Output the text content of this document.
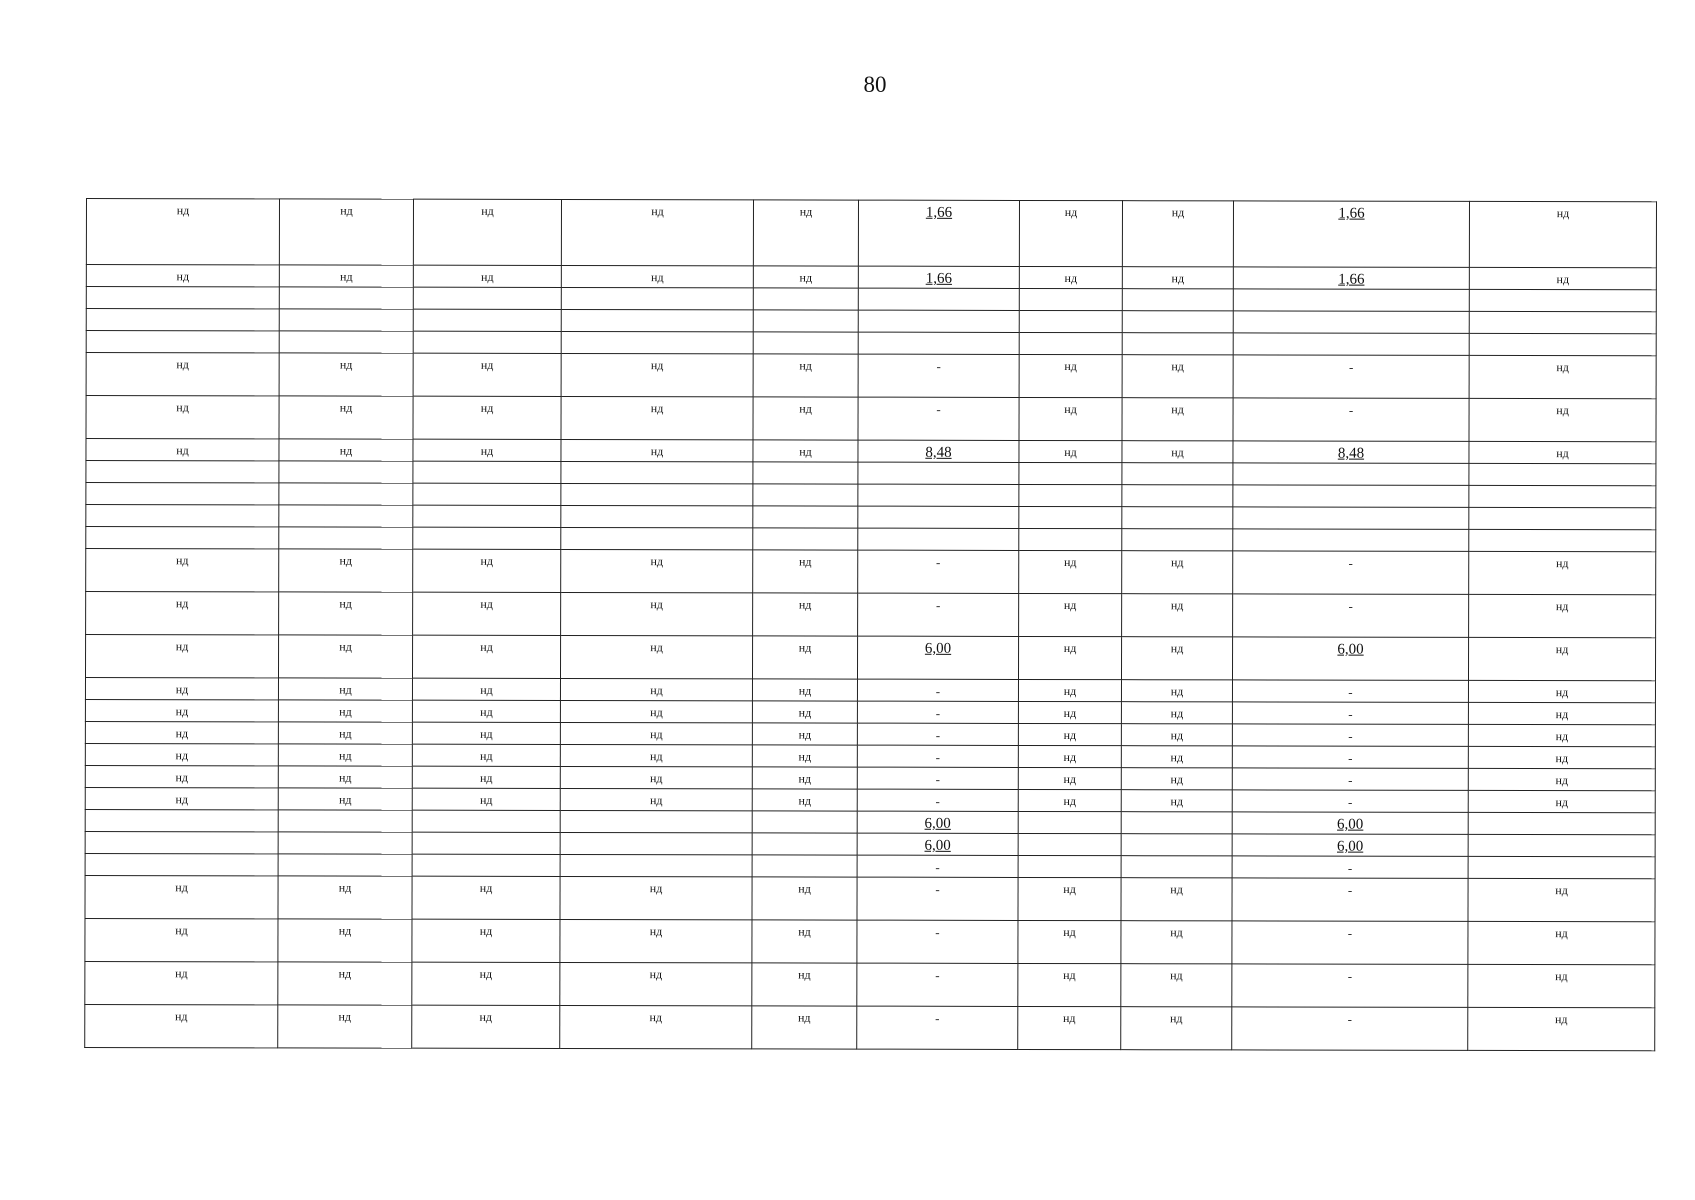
80
нд	нд	нд	нд	нд	1,66	нд	нд	1,66	нд

нд	нд	нд	нд	нд	1,66	нд	нд	1,66	нд

нд	нд	нд	нд	нд	-	нд	нд	-	нд

нд	нд	нд	нд	нд	-	нд	нд	-	нд

нд	нд	нд	нд	нд	8,48	нд	нд	8,48	нд

нд	нд	нд	нд	нд	-	нд	нд	-	нд

нд	нд	нд	нд	нд	-	нд	нд	-	нд

нд	нд	нд	нд	нд	6,00	нд	нд	6,00	нд

нд	нд	нд	нд	нд	-	нд	нд	-	нд

нд	нд	нд	нд	нд	-	нд	нд	-	нд

нд	нд	нд	нд	нд	-	нд	нд	-	нд

нд	нд	нд	нд	нд	-	нд	нд	-	нд

нд	нд	нд	нд	нд	-	нд	нд	-	нд

нд	нд	нд	нд	нд	-	нд	нд	-	нд

					6,00			6,00	

					6,00			6,00	

					-			-	

нд	нд	нд	нд	нд	-	нд	нд	-	нд

нд	нд	нд	нд	нд	-	нд	нд	-	нд

нд	нд	нд	нд	нд	-	нд	нд	-	нд

нд	нд	нд	нд	нд	-	нд	нд	-	нд
